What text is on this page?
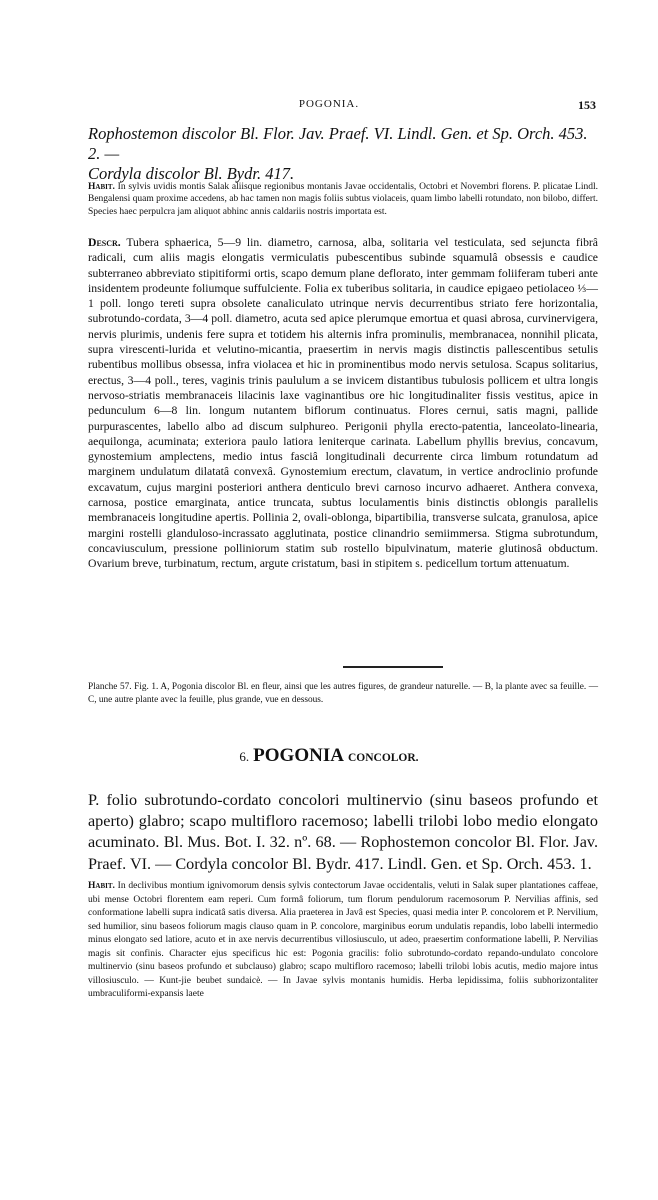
POGONIA.	153
Rophostemon discolor Bl. Flor. Jav. Praef. VI. Lindl. Gen. et Sp. Orch. 453. 2. —
Cordyla discolor Bl. Bydr. 417.

Habit. In sylvis uvidis montis Salak aliisque regionibus montanis Javae occidentalis, Octobri et Novembri florens. P. plicatae Lindl. Bengalensi quam proxime accedens, ab hac tamen non magis foliis subtus violaceis, quam limbo labelli rotundato, non bilobo, differt. Species haec perpulcra jam aliquot abhinc annis caldariis nostris importata est.

Descr. Tubera sphaerica, 5—9 lin. diametro, carnosa, alba, solitaria vel testiculata, sed sejuncta fibrâ radicali, cum aliis magis elongatis vermiculatis pubescentibus subinde squamulâ obsessis e caudice subterraneo abbreviato stipitiformi ortis, scapo demum plane deflorato, inter gemmam foliiferam tuberi ante insidentem prodeunte foliumque suffulciente. Folia ex tuberibus solitaria, in caudice epigaeo petiolaceo ⅓—1 poll. longo tereti supra obsolete canaliculato utrinque nervis decurrentibus striato fere horizontalia, subrotundo-cordata, 3—4 poll. diametro, acuta sed apice plerumque emortua et quasi abrosa, curvinervigera, nervis plurimis, undenis fere supra et totidem his alternis infra prominulis, membranacea, nonnihil plicata, supra virescenti-lurida et velutino-micantia, praesertim in nervis magis distinctis pallescentibus setulis rubentibus mollibus obsessa, infra violacea et hic in prominentibus modo nervis setulosa. Scapus solitarius, erectus, 3—4 poll., teres, vaginis trinis paululum a se invicem distantibus tubulosis pollicem et ultra longis nervoso-striatis membranaceis lilacinis laxe vaginantibus ore hic longitudinaliter fissis vestitus, apice in pedunculum 6—8 lin. longum nutantem biflorum continuatus. Flores cernui, satis magni, pallide purpurascentes, labello albo ad discum sulphureo. Perigonii phylla erecto-patentia, lanceolato-linearia, aequilonga, acuminata; exteriora paulo latiora leniterque carinata. Labellum phyllis brevius, concavum, gynostemium amplectens, medio intus fasciâ longitudinali decurrente circa limbum rotundatum ad marginem undulatum dilatatâ convexâ. Gynostemium erectum, clavatum, in vertice androclinio profunde excavatum, cujus margini posteriori anthera denticulo brevi carnoso incurvo adhaeret. Anthera convexa, carnosa, postice emarginata, antice truncata, subtus loculamentis binis distinctis oblongis parallelis membranaceis longitudine apertis. Pollinia 2, ovali-oblonga, bipartibilia, transverse sulcata, granulosa, apice margini rostelli glanduloso-incrassato agglutinata, postice clinandrio semiimmersa. Stigma subrotundum, concaviusculum, pressione polliniorum statim sub rostello bipulvinatum, materie glutinosâ obductum. Ovarium breve, turbinatum, rectum, argute cristatum, basi in stipitem s. pedicellum tortum attenuatum.

Planche 57. Fig. 1. A, Pogonia discolor Bl. en fleur, ainsi que les autres figures, de grandeur naturelle. — B, la plante avec sa feuille. — C, une autre plante avec la feuille, plus grande, vue en dessous.

6. POGONIA CONCOLOR.

P. folio subrotundo-cordato concolori multinervio (sinu baseos profundo et aperto) glabro; scapo multifloro racemoso; labelli trilobi lobo medio elongato acuminato. Bl. Mus. Bot. I. 32. nº. 68. — Rophostemon concolor Bl. Flor. Jav. Praef. VI. — Cordyla concolor Bl. Bydr. 417. Lindl. Gen. et Sp. Orch. 453. 1.

Habit. In declivibus montium ignivomorum densis sylvis contectorum Javae occidentalis, veluti in Salak super plantationes caffeae, ubi mense Octobri florentem eam reperi. Cum formâ foliorum, tum florum pendulorum racemosorum P. Nervilias affinis, sed conformatione labelli supra indicatâ satis diversa. Alia praeterea in Javâ est Species, quasi media inter P. concolorem et P. Nervilium, sed humilior, sinu baseos foliorum magis clauso quam in P. concolore, marginibus eorum undulatis repandis, lobo labelli intermedio minus elongato sed latiore, acuto et in axe nervis decurrentibus villosiusculo, ut adeo, praesertim conformatione labelli, P. Nervilias magis sit confinis. Character ejus specificus hic est: Pogonia gracilis: folio subrotundo-cordato repando-undulato concolore multinervio (sinu baseos profundo et subclauso) glabro; scapo multifloro racemoso; labelli trilobi lobis acutis, medio majore intus villosiusculo. — Kunt-jie beubet sundaicè. — In Javae sylvis montanis humidis. Herba lepidissima, foliis subhorizontaliter umbraculiformi-expansis laete
